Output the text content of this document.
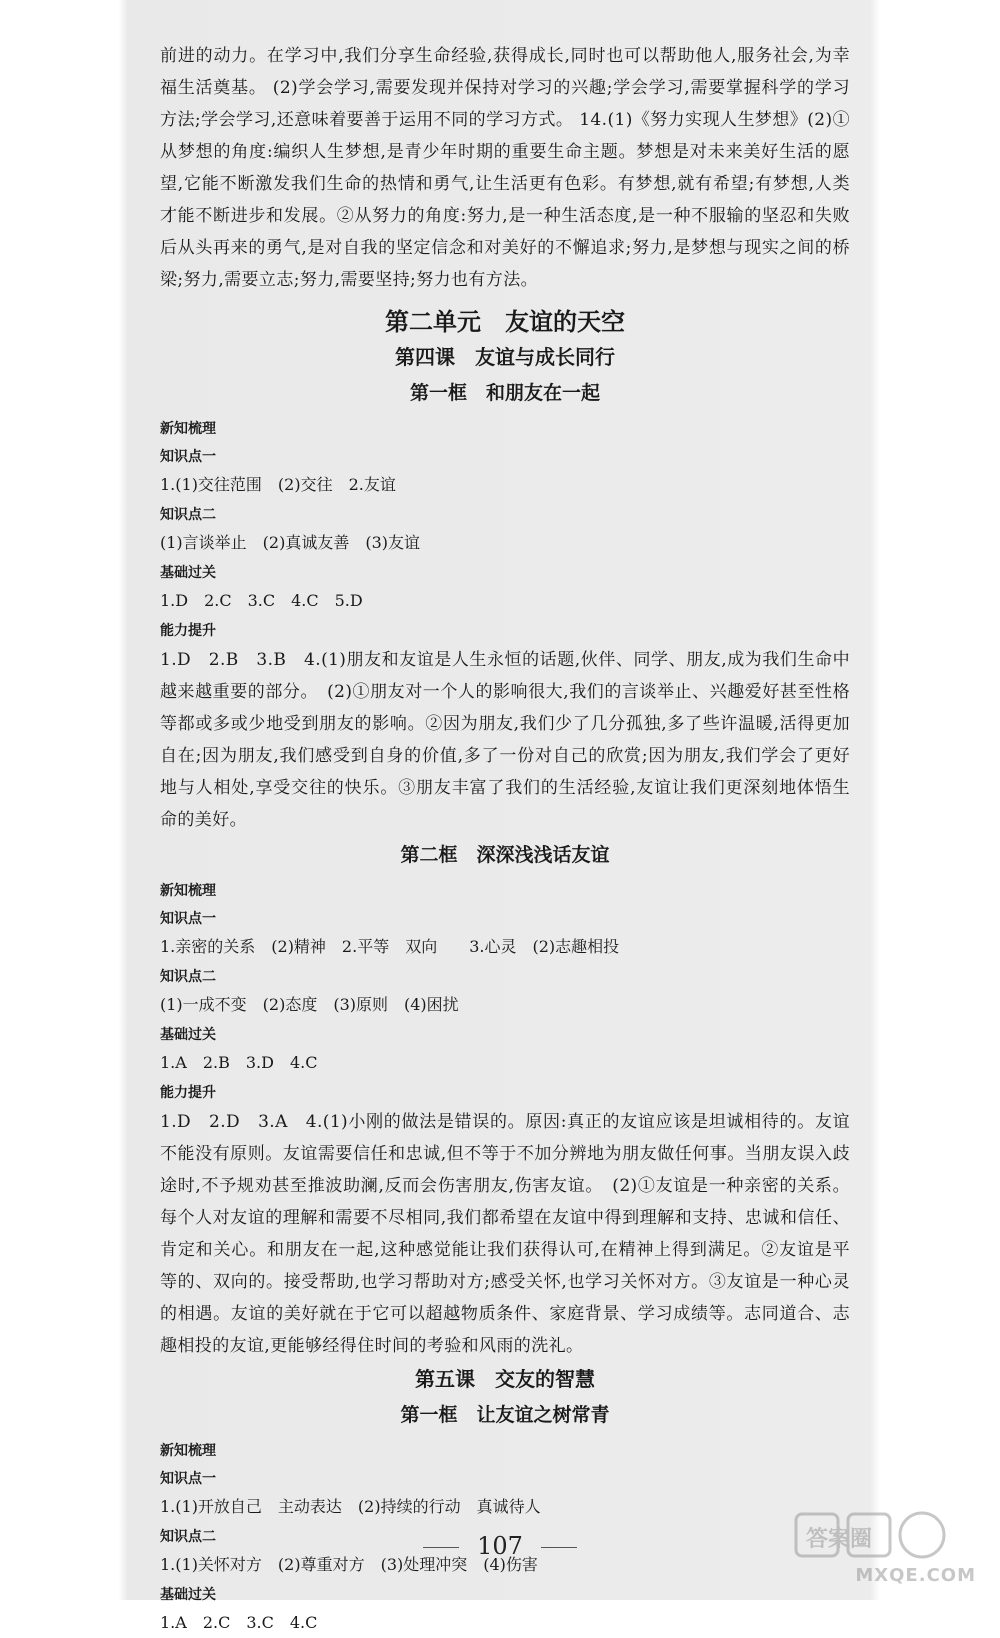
前进的动力。在学习中,我们分享生命经验,获得成长,同时也可以帮助他人,服务社会,为幸福生活奠基。 (2)学会学习,需要发现并保持对学习的兴趣;学会学习,需要掌握科学的学习方法;学会学习,还意味着要善于运用不同的学习方式。 14.(1)《努力实现人生梦想》(2)①从梦想的角度:编织人生梦想,是青少年时期的重要生命主题。梦想是对未来美好生活的愿望,它能不断激发我们生命的热情和勇气,让生活更有色彩。有梦想,就有希望;有梦想,人类才能不断进步和发展。②从努力的角度:努力,是一种生活态度,是一种不服输的坚忍和失败后从头再来的勇气,是对自我的坚定信念和对美好的不懈追求;努力,是梦想与现实之间的桥梁;努力,需要立志;努力,需要坚持;努力也有方法。

第二单元　友谊的天空
第四课　友谊与成长同行
第一框　和朋友在一起
新知梳理
知识点一

1.(1)交往范围　(2)交往　2.友谊

知识点二

(1)言谈举止　(2)真诚友善　(3)友谊

基础过关

1.D　2.C　3.C　4.C　5.D

能力提升

1.D　2.B　3.B　4.(1)朋友和友谊是人生永恒的话题,伙伴、同学、朋友,成为我们生命中越来越重要的部分。　(2)①朋友对一个人的影响很大,我们的言谈举止、兴趣爱好甚至性格等都或多或少地受到朋友的影响。②因为朋友,我们少了几分孤独,多了些许温暖,活得更加自在;因为朋友,我们感受到自身的价值,多了一份对自己的欣赏;因为朋友,我们学会了更好地与人相处,享受交往的快乐。③朋友丰富了我们的生活经验,友谊让我们更深刻地体悟生命的美好。

第二框　深深浅浅话友谊
新知梳理
知识点一

1.亲密的关系　(2)精神　2.平等　双向　　3.心灵　(2)志趣相投

知识点二

(1)一成不变　(2)态度　(3)原则　(4)困扰

基础过关

1.A　2.B　3.D　4.C

能力提升

1.D　2.D　3.A　4.(1)小刚的做法是错误的。原因:真正的友谊应该是坦诚相待的。友谊不能没有原则。友谊需要信任和忠诚,但不等于不加分辨地为朋友做任何事。当朋友误入歧途时,不予规劝甚至推波助澜,反而会伤害朋友,伤害友谊。　(2)①友谊是一种亲密的关系。每个人对友谊的理解和需要不尽相同,我们都希望在友谊中得到理解和支持、忠诚和信任、肯定和关心。和朋友在一起,这种感觉能让我们获得认可,在精神上得到满足。②友谊是平等的、双向的。接受帮助,也学习帮助对方;感受关怀,也学习关怀对方。③友谊是一种心灵的相遇。友谊的美好就在于它可以超越物质条件、家庭背景、学习成绩等。志同道合、志趣相投的友谊,更能够经得住时间的考验和风雨的洗礼。

第五课　交友的智慧
第一框　让友谊之树常青
新知梳理
知识点一

1.(1)开放自己　主动表达　(2)持续的行动　真诚待人

知识点二

1.(1)关怀对方　(2)尊重对方　(3)处理冲突　(4)伤害

基础过关

1.A　2.C　3.C　4.C

107	答案圈
MXQE.COM
